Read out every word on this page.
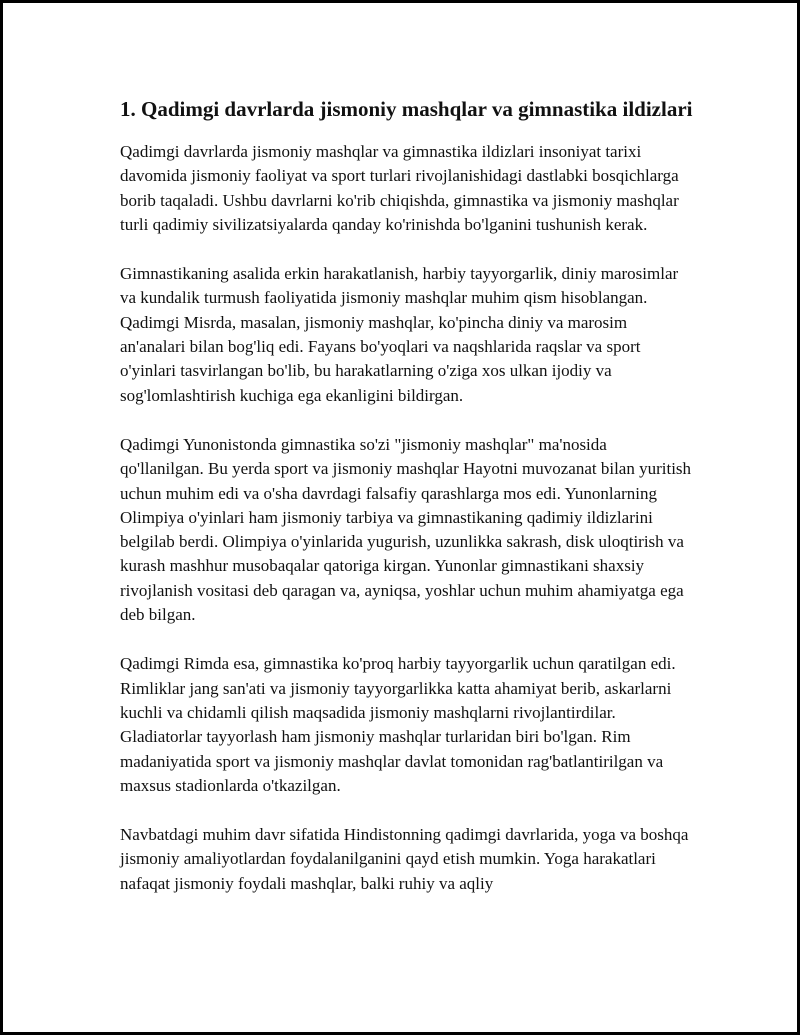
1. Qadimgi davrlarda jismoniy mashqlar va gimnastika ildizlari

Qadimgi davrlarda jismoniy mashqlar va gimnastika ildizlari insoniyat tarixi davomida jismoniy faoliyat va sport turlari rivojlanishidagi dastlabki bosqichlarga borib taqaladi. Ushbu davrlarni ko'rib chiqishda, gimnastika va jismoniy mashqlar turli qadimiy sivilizatsiyalarda qanday ko'rinishda bo'lganini tushunish kerak.

Gimnastikaning asalida erkin harakatlanish, harbiy tayyorgarlik, diniy marosimlar va kundalik turmush faoliyatida jismoniy mashqlar muhim qism hisoblangan. Qadimgi Misrda, masalan, jismoniy mashqlar, ko'pincha diniy va marosim an'analari bilan bog'liq edi. Fayans bo'yoqlari va naqshlarida raqslar va sport o'yinlari tasvirlangan bo'lib, bu harakatlarning o'ziga xos ulkan ijodiy va sog'lomlashtirish kuchiga ega ekanligini bildirgan.

Qadimgi Yunonistonda gimnastika so'zi "jismoniy mashqlar" ma'nosida qo'llanilgan. Bu yerda sport va jismoniy mashqlar Hayotni muvozanat bilan yuritish uchun muhim edi va o'sha davrdagi falsafiy qarashlarga mos edi. Yunonlarning Olimpiya o'yinlari ham jismoniy tarbiya va gimnastikaning qadimiy ildizlarini belgilab berdi. Olimpiya o'yinlarida yugurish, uzunlikka sakrash, disk uloqtirish va kurash mashhur musobaqalar qatoriga kirgan. Yunonlar gimnastikani shaxsiy rivojlanish vositasi deb qaragan va, ayniqsa, yoshlar uchun muhim ahamiyatga ega deb bilgan.

Qadimgi Rimda esa, gimnastika ko'proq harbiy tayyorgarlik uchun qaratilgan edi. Rimliklar jang san'ati va jismoniy tayyorgarlikka katta ahamiyat berib, askarlarni kuchli va chidamli qilish maqsadida jismoniy mashqlarni rivojlantirdilar. Gladiatorlar tayyorlash ham jismoniy mashqlar turlaridan biri bo'lgan. Rim madaniyatida sport va jismoniy mashqlar davlat tomonidan rag'batlantirilgan va maxsus stadionlarda o'tkazilgan.

Navbatdagi muhim davr sifatida Hindistonning qadimgi davrlarida, yoga va boshqa jismoniy amaliyotlardan foydalanilganini qayd etish mumkin. Yoga harakatlari nafaqat jismoniy foydali mashqlar, balki ruhiy va aqliy
